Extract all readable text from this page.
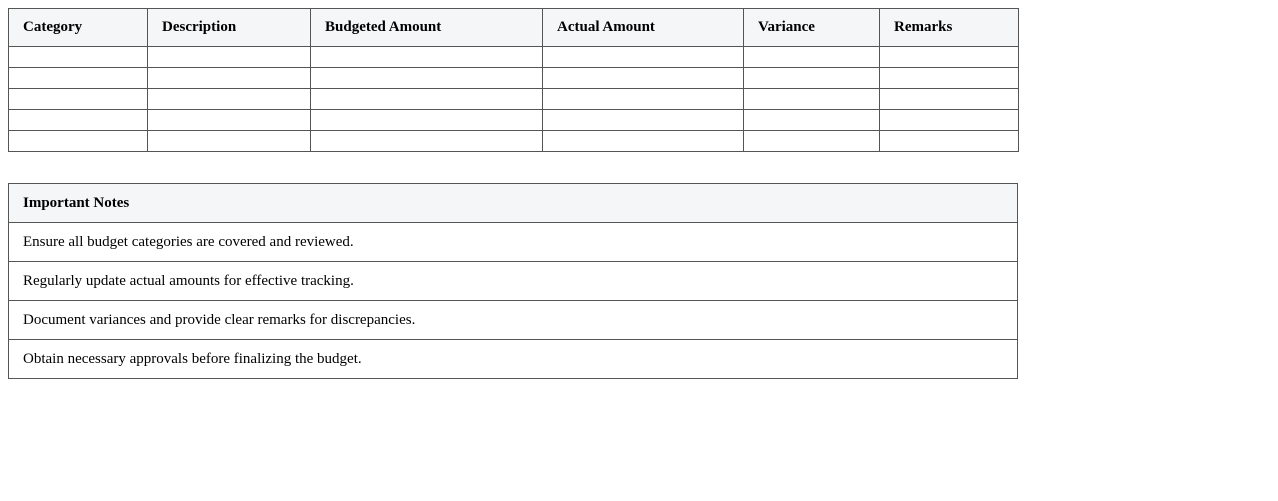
Category	Description	Budgeted Amount	Actual Amount	Variance	Remarks

Important Notes
Ensure all budget categories are covered and reviewed.
Regularly update actual amounts for effective tracking.
Document variances and provide clear remarks for discrepancies.
Obtain necessary approvals before finalizing the budget.
